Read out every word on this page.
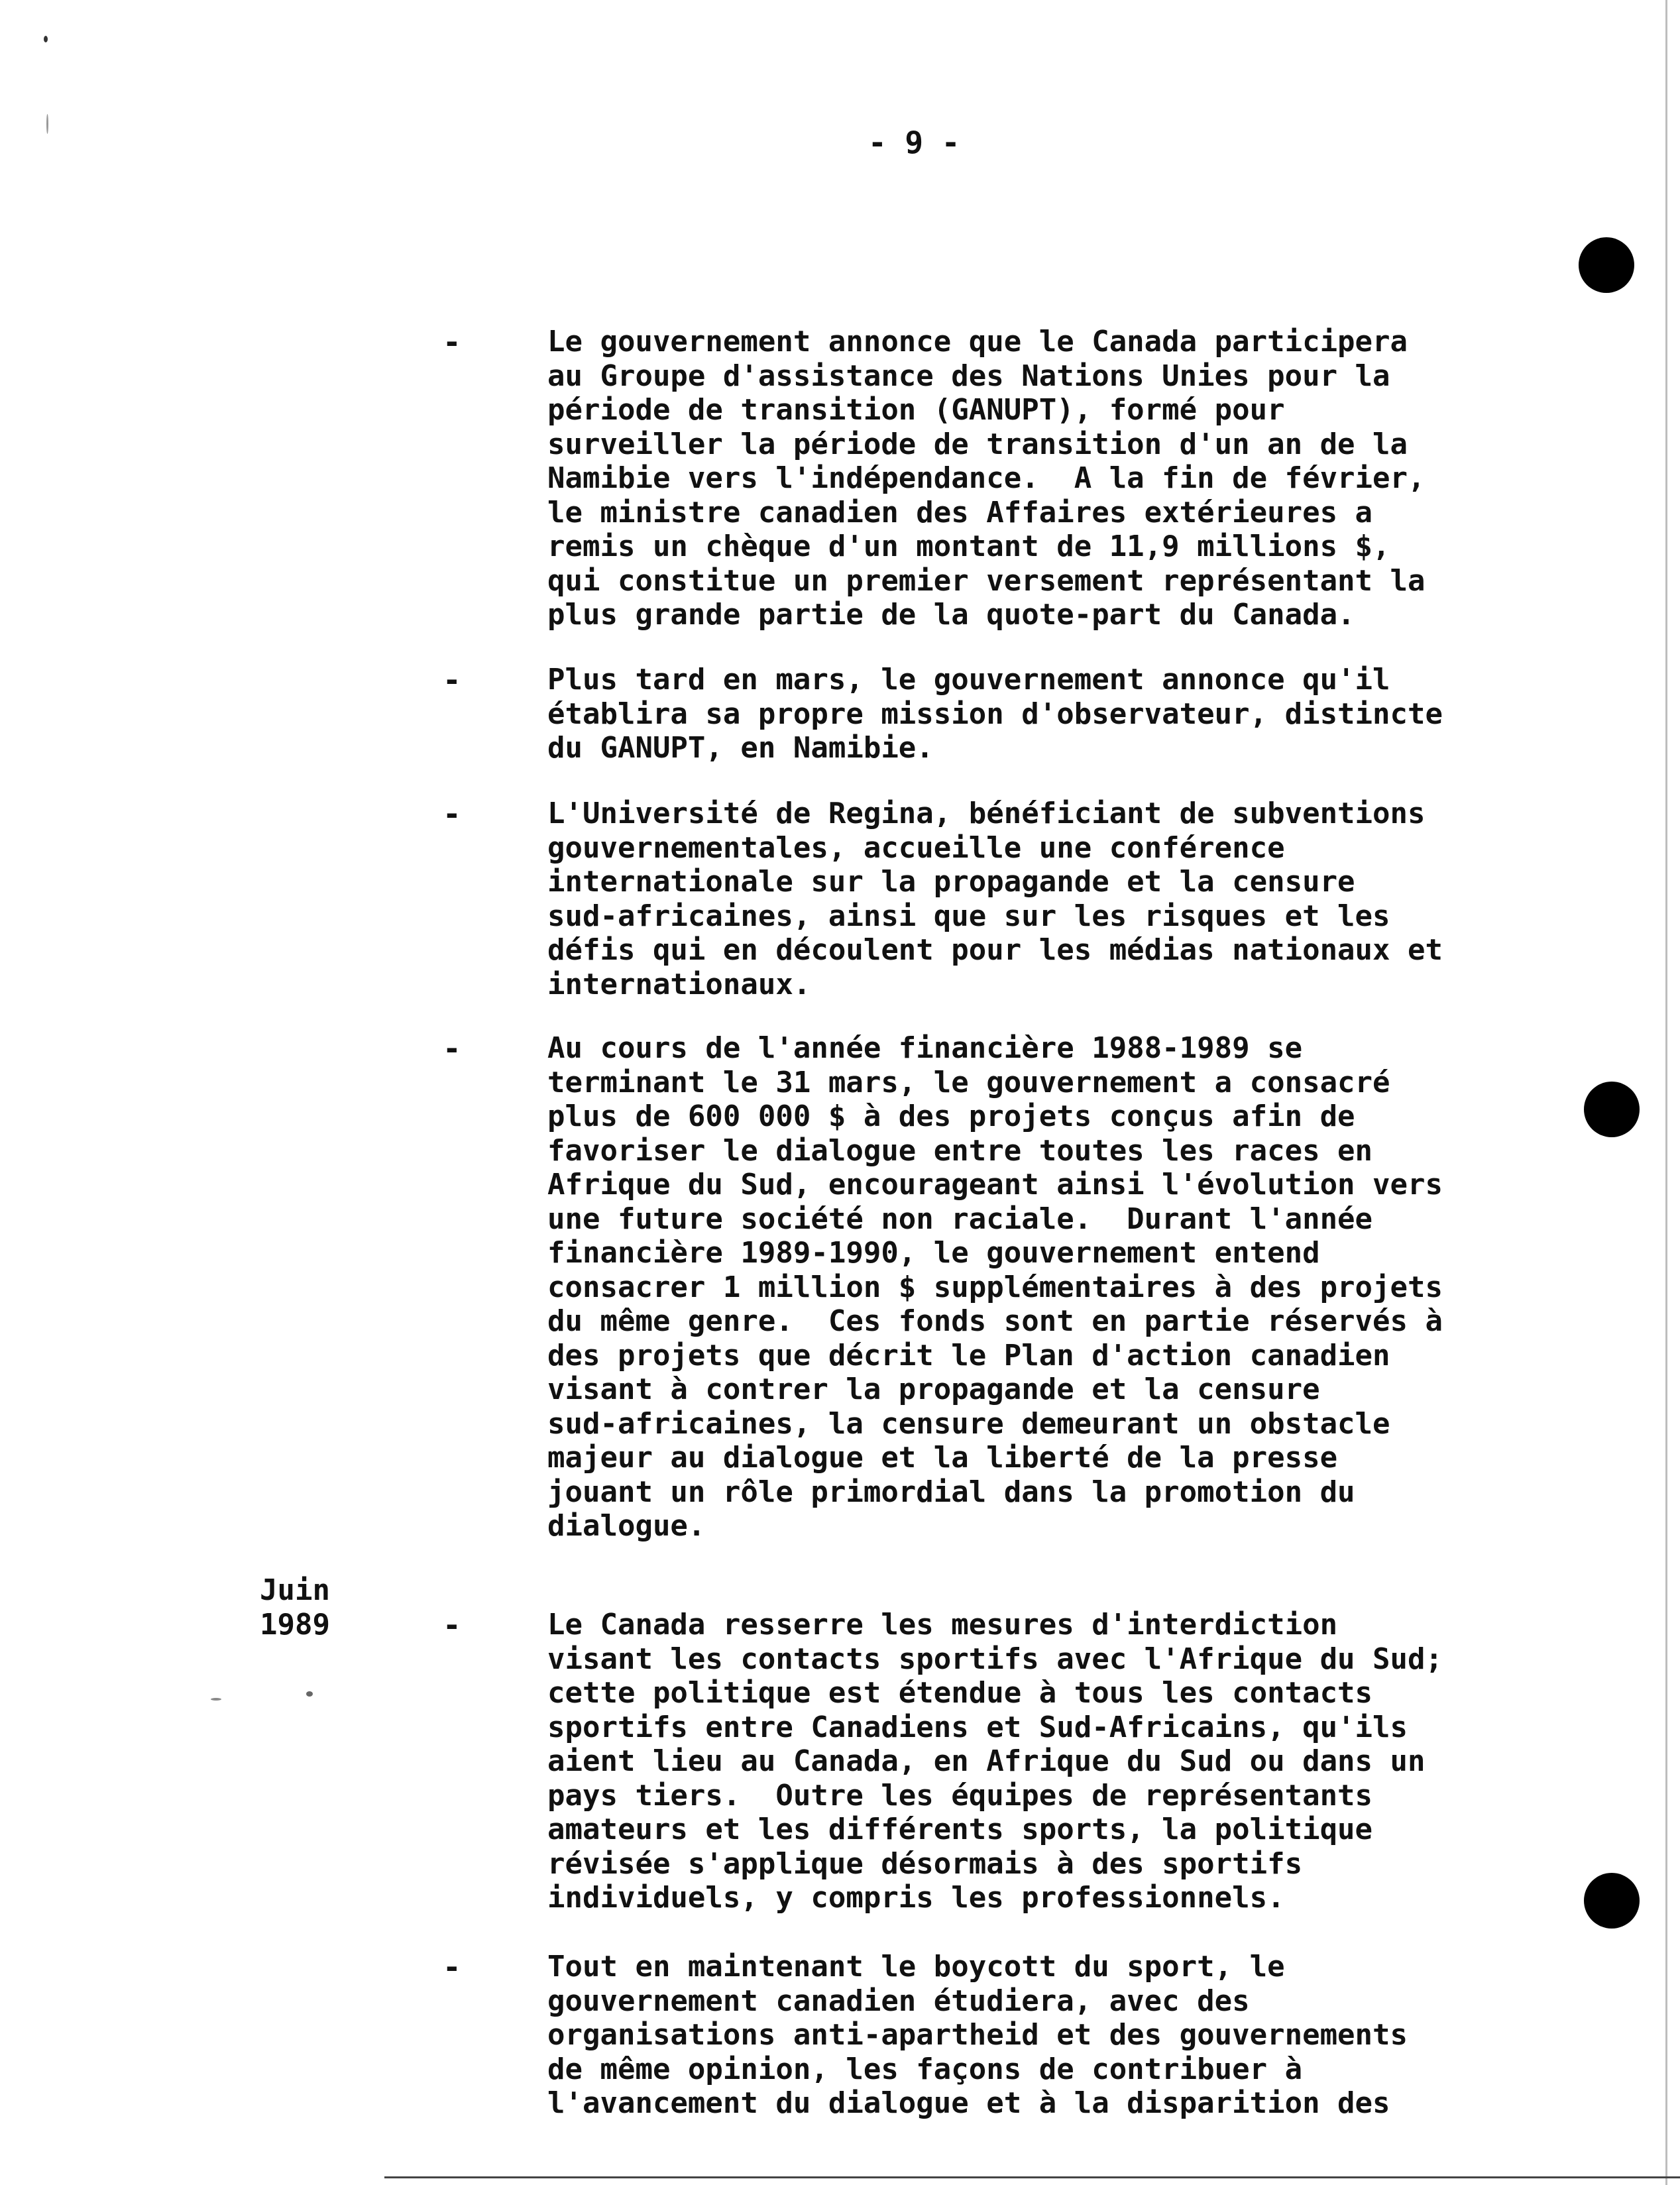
- 9 -
-	Le gouvernement annonce que le Canada participera
au Groupe d'assistance des Nations Unies pour la
période de transition (GANUPT), formé pour
surveiller la période de transition d'un an de la
Namibie vers l'indépendance.  A la fin de février,
le ministre canadien des Affaires extérieures a
remis un chèque d'un montant de 11,9 millions $,
qui constitue un premier versement représentant la
plus grande partie de la quote-part du Canada.
-	Plus tard en mars, le gouvernement annonce qu'il
établira sa propre mission d'observateur, distincte
du GANUPT, en Namibie.
-	L'Université de Regina, bénéficiant de subventions
gouvernementales, accueille une conférence
internationale sur la propagande et la censure
sud-africaines, ainsi que sur les risques et les
défis qui en découlent pour les médias nationaux et
internationaux.
-	Au cours de l'année financière 1988-1989 se
terminant le 31 mars, le gouvernement a consacré
plus de 600 000 $ à des projets conçus afin de
favoriser le dialogue entre toutes les races en
Afrique du Sud, encourageant ainsi l'évolution vers
une future société non raciale.  Durant l'année
financière 1989-1990, le gouvernement entend
consacrer 1 million $ supplémentaires à des projets
du même genre.  Ces fonds sont en partie réservés à
des projets que décrit le Plan d'action canadien
visant à contrer la propagande et la censure
sud-africaines, la censure demeurant un obstacle
majeur au dialogue et la liberté de la presse
jouant un rôle primordial dans la promotion du
dialogue.
Juin
1989	-	Le Canada resserre les mesures d'interdiction
visant les contacts sportifs avec l'Afrique du Sud;
cette politique est étendue à tous les contacts
sportifs entre Canadiens et Sud-Africains, qu'ils
aient lieu au Canada, en Afrique du Sud ou dans un
pays tiers.  Outre les équipes de représentants
amateurs et les différents sports, la politique
révisée s'applique désormais à des sportifs
individuels, y compris les professionnels.
-	Tout en maintenant le boycott du sport, le
gouvernement canadien étudiera, avec des
organisations anti-apartheid et des gouvernements
de même opinion, les façons de contribuer à
l'avancement du dialogue et à la disparition des
